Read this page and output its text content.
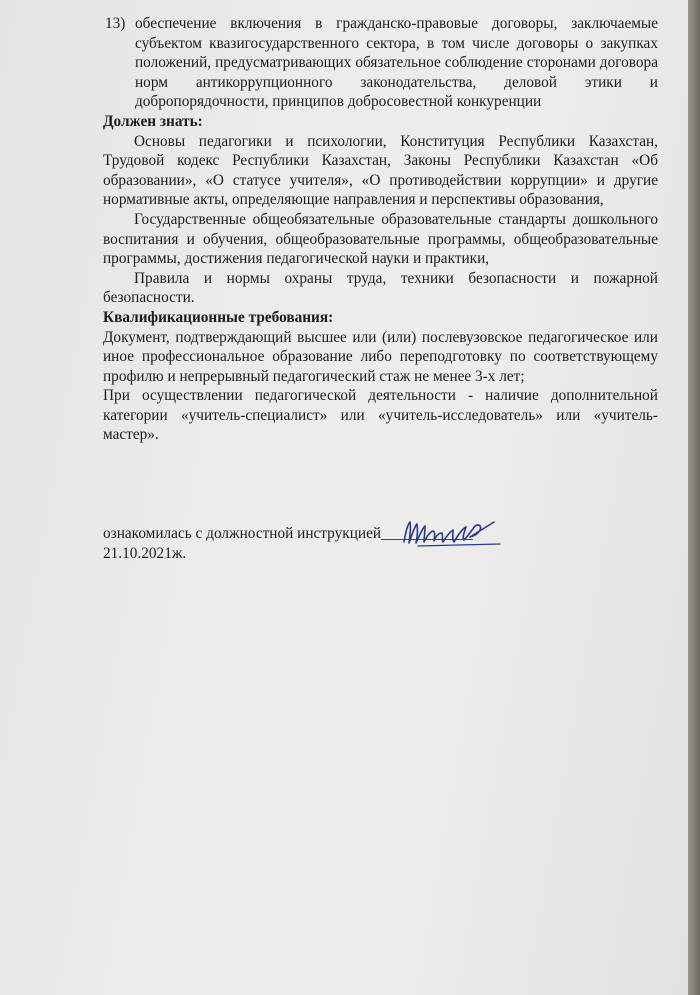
13) обеспечение включения в гражданско-правовые договоры, заключаемые субъектом квазигосударственного сектора, в том числе договоры о закупках положений, предусматривающих обязательное соблюдение сторонами договора норм антикоррупционного законодательства, деловой этики и добропорядочности, принципов добросовестной конкуренции

Должен знать:

Основы педагогики и психологии, Конституция Республики Казахстан, Трудовой кодекс Республики Казахстан, Законы Республики Казахстан «Об образовании», «О статусе учителя», «О противодействии коррупции» и другие нормативные акты, определяющие направления и перспективы образования,

Государственные общеобязательные образовательные стандарты дошкольного воспитания и обучения, общеобразовательные программы, общеобразовательные программы, достижения педагогической науки и практики,

Правила и нормы охраны труда, техники безопасности и пожарной безопасности.

Квалификационные требования:

Документ, подтверждающий высшее или (или) послевузовское педагогическое или иное профессиональное образование либо переподготовку по соответствующему профилю и непрерывный педагогический стаж не менее 3-х лет;

При осуществлении педагогической деятельности - наличие дополнительной категории «учитель-специалист» или «учитель-исследователь» или «учитель-мастер».

ознакомилась с должностной инструкцией____________
21.10.2021ж.
